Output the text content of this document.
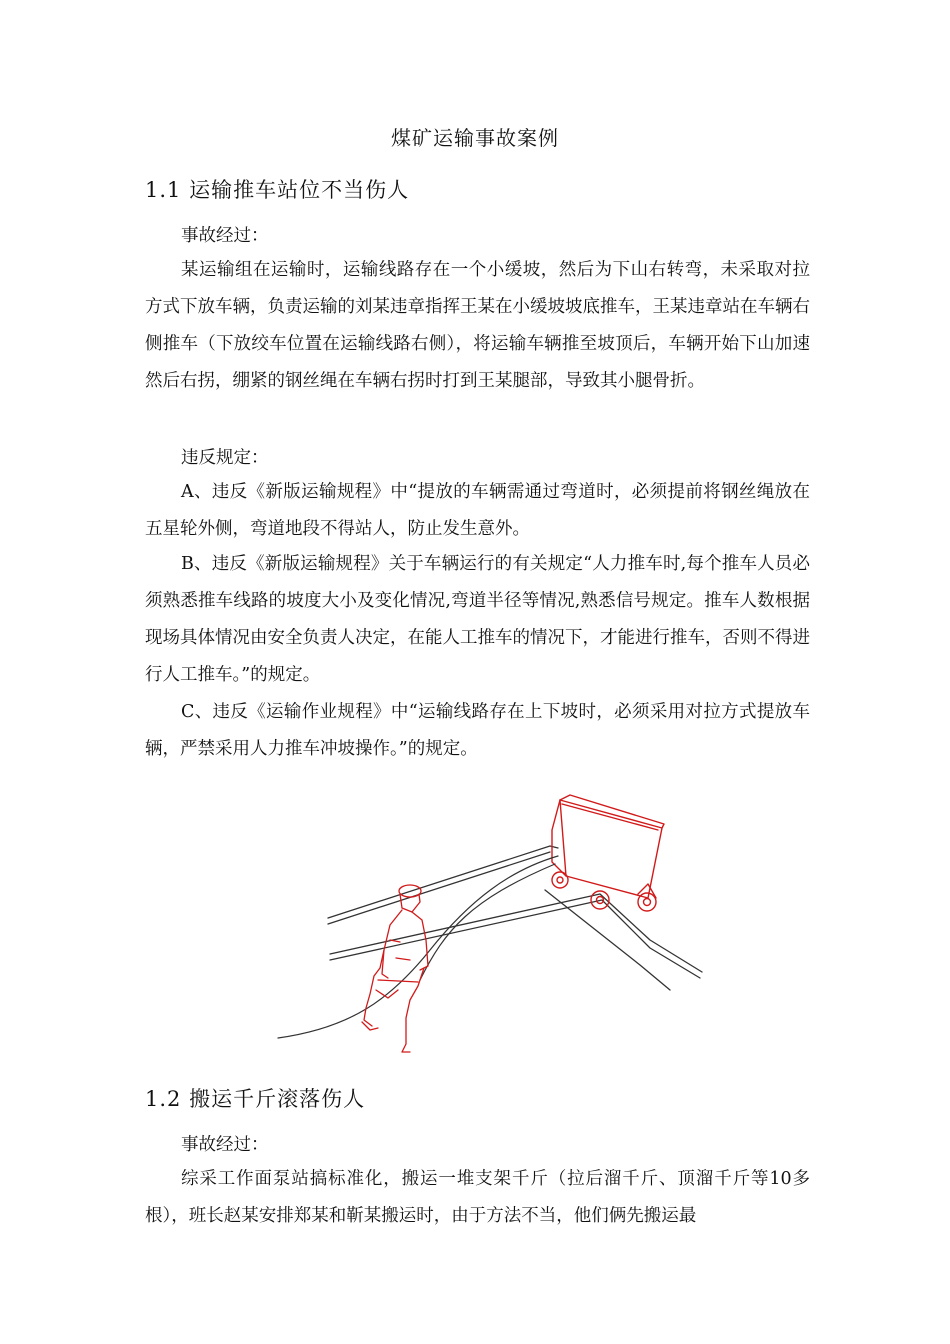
煤矿运输事故案例
1.1 运输推车站位不当伤人
事故经过：

某运输组在运输时，运输线路存在一个小缓坡，然后为下山右转弯，未采取对拉方式下放车辆，负责运输的刘某违章指挥王某在小缓坡坡底推车，王某违章站在车辆右侧推车（下放绞车位置在运输线路右侧），将运输车辆推至坡顶后，车辆开始下山加速然后右拐，绷紧的钢丝绳在车辆右拐时打到王某腿部，导致其小腿骨折。

违反规定：

A、违反《新版运输规程》中“提放的车辆需通过弯道时，必须提前将钢丝绳放在五星轮外侧，弯道地段不得站人，防止发生意外。

B、违反《新版运输规程》关于车辆运行的有关规定“人力推车时,每个推车人员必须熟悉推车线路的坡度大小及变化情况,弯道半径等情况,熟悉信号规定。推车人数根据现场具体情况由安全负责人决定，在能人工推车的情况下，才能进行推车，否则不得进行人工推车。”的规定。

C、违反《运输作业规程》中“运输线路存在上下坡时，必须采用对拉方式提放车辆，严禁采用人力推车冲坡操作。”的规定。

1.2 搬运千斤滚落伤人
事故经过：

综采工作面泵站搞标准化，搬运一堆支架千斤（拉后溜千斤、顶溜千斤等10多根），班长赵某安排郑某和靳某搬运时，由于方法不当，他们俩先搬运最
